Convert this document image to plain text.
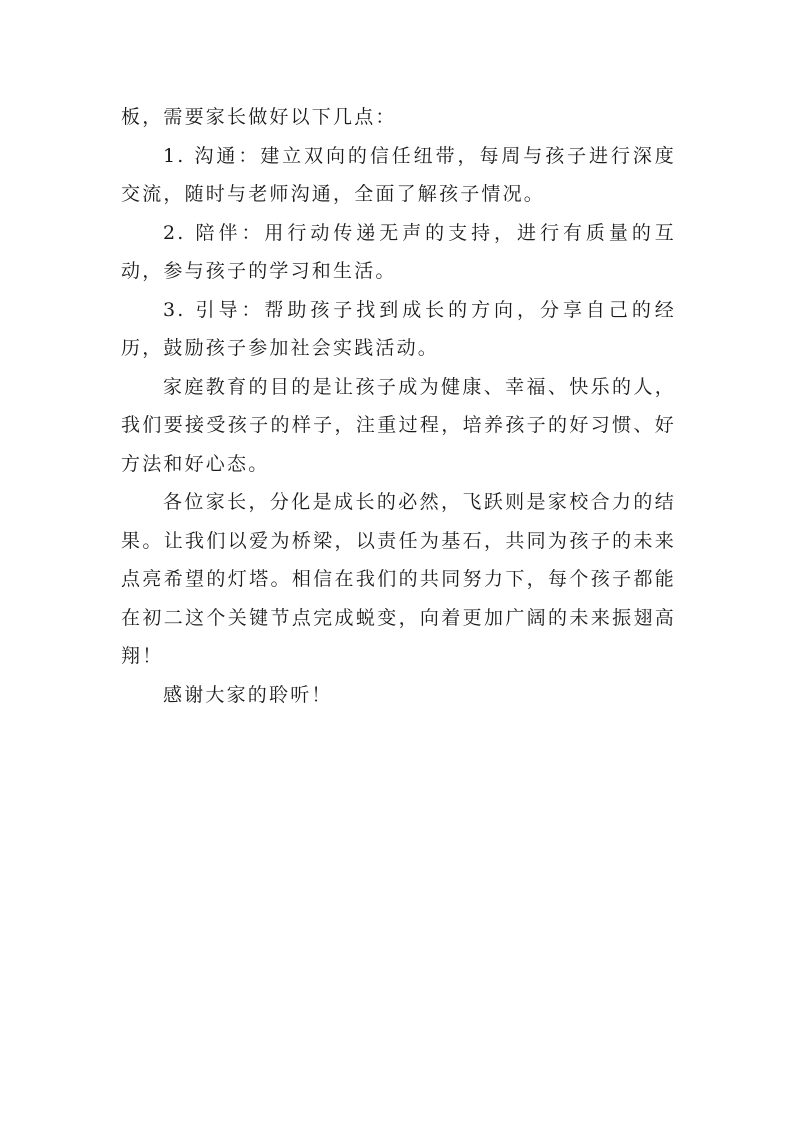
板，需要家长做好以下几点：

1. 沟通：建立双向的信任纽带，每周与孩子进行深度交流，随时与老师沟通，全面了解孩子情况。

2. 陪伴：用行动传递无声的支持，进行有质量的互动，参与孩子的学习和生活。

3. 引导：帮助孩子找到成长的方向，分享自己的经历，鼓励孩子参加社会实践活动。

家庭教育的目的是让孩子成为健康、幸福、快乐的人，我们要接受孩子的样子，注重过程，培养孩子的好习惯、好方法和好心态。

各位家长，分化是成长的必然，飞跃则是家校合力的结果。让我们以爱为桥梁，以责任为基石，共同为孩子的未来点亮希望的灯塔。相信在我们的共同努力下，每个孩子都能在初二这个关键节点完成蜕变，向着更加广阔的未来振翅高翔！

感谢大家的聆听！
